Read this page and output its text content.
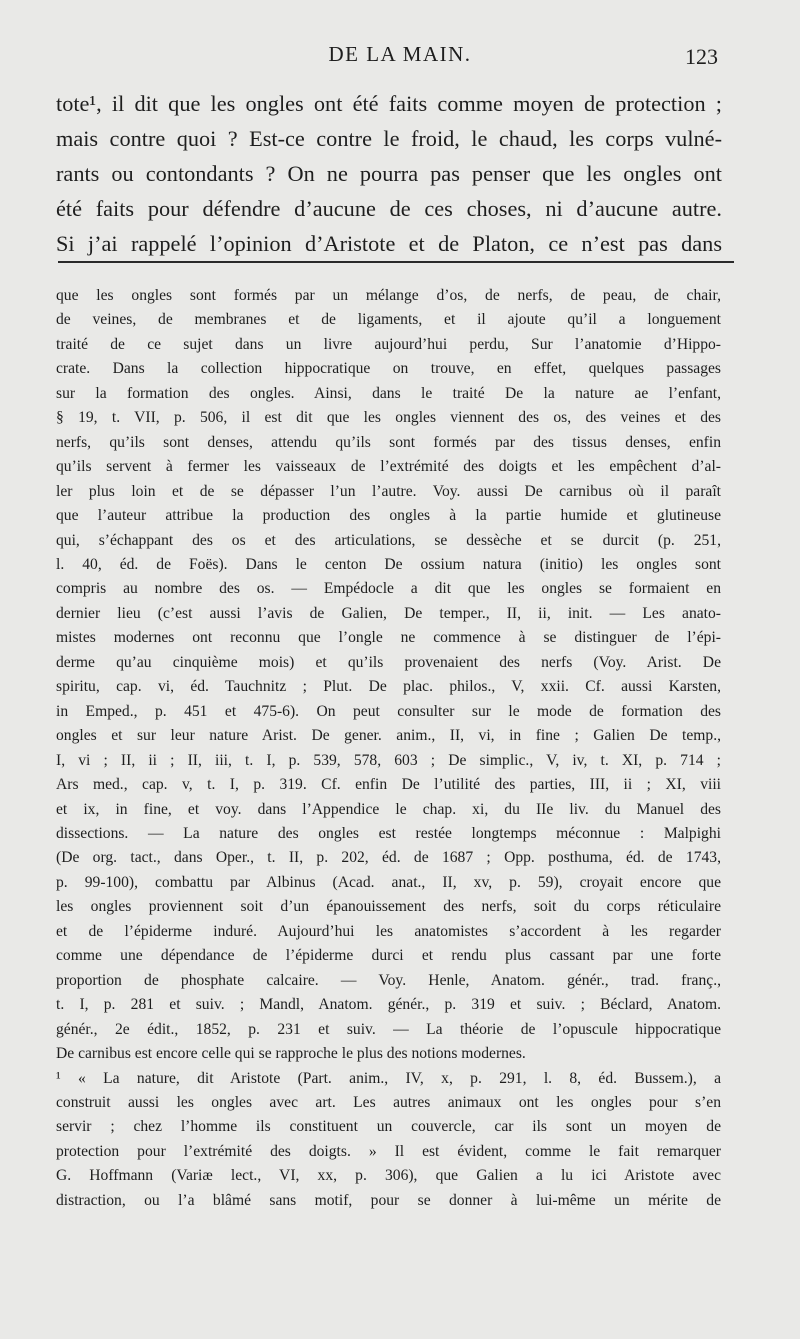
DE LA MAIN.	123
tote¹, il dit que les ongles ont été faits comme moyen de protection ;
mais contre quoi ? Est-ce contre le froid, le chaud, les corps vulné-
rants ou contondants ? On ne pourra pas penser que les ongles ont
été faits pour défendre d’aucune de ces choses, ni d’aucune autre.
Si j’ai rappelé l’opinion d’Aristote et de Platon, ce n’est pas dans
que les ongles sont formés par un mélange d’os, de nerfs, de peau, de chair,
de veines, de membranes et de ligaments, et il ajoute qu’il a longuement
traité de ce sujet dans un livre aujourd’hui perdu, Sur l’anatomie d’Hippo-
crate. Dans la collection hippocratique on trouve, en effet, quelques passages
sur la formation des ongles. Ainsi, dans le traité De la nature ae l’enfant,
§ 19, t. VII, p. 506, il est dit que les ongles viennent des os, des veines et des
nerfs, qu’ils sont denses, attendu qu’ils sont formés par des tissus denses, enfin
qu’ils servent à fermer les vaisseaux de l’extrémité des doigts et les empêchent d’al-
ler plus loin et de se dépasser l’un l’autre. Voy. aussi De carnibus où il paraît
que l’auteur attribue la production des ongles à la partie humide et glutineuse
qui, s’échappant des os et des articulations, se dessèche et se durcit (p. 251,
l. 40, éd. de Foës). Dans le centon De ossium natura (initio) les ongles sont
compris au nombre des os. — Empédocle a dit que les ongles se formaient en
dernier lieu (c’est aussi l’avis de Galien, De temper., II, ii, init. — Les anato-
mistes modernes ont reconnu que l’ongle ne commence à se distinguer de l’épi-
derme qu’au cinquième mois) et qu’ils provenaient des nerfs (Voy. Arist. De
spiritu, cap. vi, éd. Tauchnitz ; Plut. De plac. philos., V, xxii. Cf. aussi Karsten,
in Emped., p. 451 et 475-6). On peut consulter sur le mode de formation des
ongles et sur leur nature Arist. De gener. anim., II, vi, in fine ; Galien De temp.,
I, vi ; II, ii ; II, iii, t. I, p. 539, 578, 603 ; De simplic., V, iv, t. XI, p. 714 ;
Ars med., cap. v, t. I, p. 319. Cf. enfin De l’utilité des parties, III, ii ; XI, viii
et ix, in fine, et voy. dans l’Appendice le chap. xi, du IIe liv. du Manuel des
dissections. — La nature des ongles est restée longtemps méconnue : Malpighi
(De org. tact., dans Oper., t. II, p. 202, éd. de 1687 ; Opp. posthuma, éd. de 1743,
p. 99-100), combattu par Albinus (Acad. anat., II, xv, p. 59), croyait encore que
les ongles proviennent soit d’un épanouissement des nerfs, soit du corps réticulaire
et de l’épiderme induré. Aujourd’hui les anatomistes s’accordent à les regarder
comme une dépendance de l’épiderme durci et rendu plus cassant par une forte
proportion de phosphate calcaire. — Voy. Henle, Anatom. génér., trad. franç.,
t. I, p. 281 et suiv. ; Mandl, Anatom. génér., p. 319 et suiv. ; Béclard, Anatom.
génér., 2e édit., 1852, p. 231 et suiv. — La théorie de l’opuscule hippocratique
De carnibus est encore celle qui se rapproche le plus des notions modernes.
¹ « La nature, dit Aristote (Part. anim., IV, x, p. 291, l. 8, éd. Bussem.), a
construit aussi les ongles avec art. Les autres animaux ont les ongles pour s’en
servir ; chez l’homme ils constituent un couvercle, car ils sont un moyen de
protection pour l’extrémité des doigts. » Il est évident, comme le fait remarquer
G. Hoffmann (Variæ lect., VI, xx, p. 306), que Galien a lu ici Aristote avec
distraction, ou l’a blâmé sans motif, pour se donner à lui-même un mérite de
